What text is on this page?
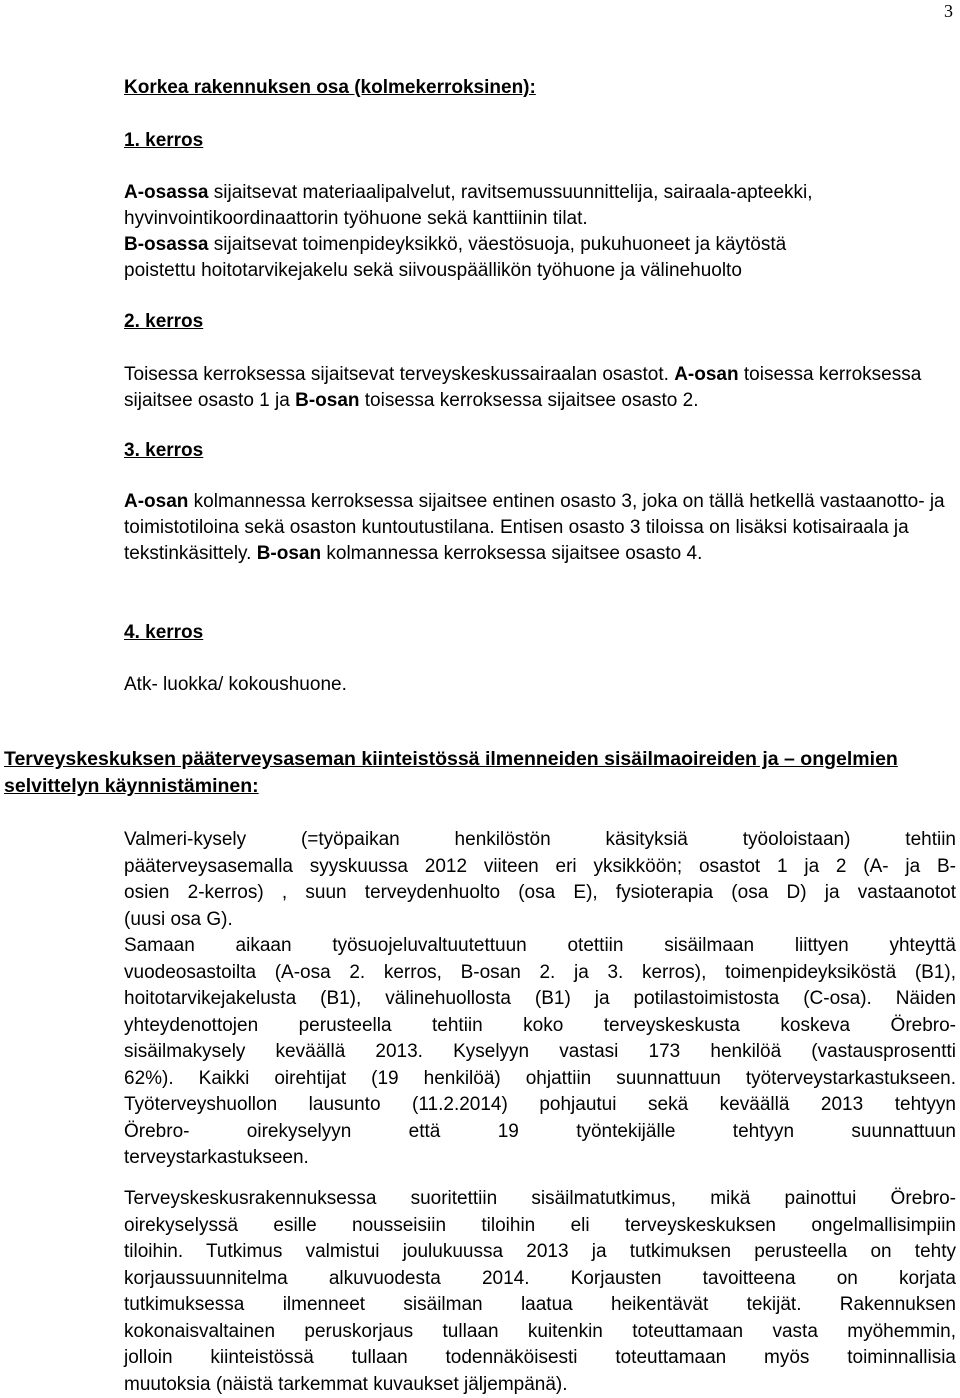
3

Korkea rakennuksen osa (kolmekerroksinen):

1. kerros

A-osassa sijaitsevat materiaalipalvelut, ravitsemussuunnittelija, sairaala-apteekki, hyvinvointikoordinaattorin työhuone sekä kanttiinin tilat.

B-osassa sijaitsevat toimenpideyksikkö, väestösuoja, pukuhuoneet ja käytöstä poistettu hoitotarvikejakelu sekä siivouspäällikön työhuone ja välinehuolto

2. kerros

Toisessa kerroksessa sijaitsevat terveyskeskussairaalan osastot. A-osan toisessa kerroksessa sijaitsee osasto 1 ja B-osan toisessa kerroksessa sijaitsee osasto 2.

3. kerros

A-osan kolmannessa kerroksessa sijaitsee entinen osasto 3, joka on tällä hetkellä vastaanotto- ja toimistotiloina sekä osaston kuntoutustilana. Entisen osasto 3 tiloissa on lisäksi kotisairaala ja tekstinkäsittely. B-osan kolmannessa kerroksessa sijaitsee osasto 4.

4. kerros

Atk- luokka/ kokoushuone.

Terveyskeskuksen pääterveysaseman kiinteistössä ilmenneiden sisäilmaoireiden ja – ongelmien selvittelyn käynnistäminen:

Valmeri-kysely (=työpaikan henkilöstön käsityksiä työoloistaan) tehtiin
pääterveysasemalla syyskuussa 2012 viiteen eri yksikköön; osastot 1 ja 2 (A- ja B-
osien 2-kerros) , suun terveydenhuolto (osa E), fysioterapia (osa D) ja vastaanotot
(uusi osa G).
Samaan aikaan työsuojeluvaltuutettuun otettiin sisäilmaan liittyen yhteyttä
vuodeosastoilta (A-osa 2. kerros, B-osan 2. ja 3. kerros), toimenpideyksiköstä (B1),
hoitotarvikejakelusta (B1), välinehuollosta (B1) ja potilastoimistosta (C-osa). Näiden
yhteydenottojen perusteella tehtiin koko terveyskeskusta koskeva Örebro-
sisäilmakysely keväällä 2013. Kyselyyn vastasi 173 henkilöä (vastausprosentti
62%). Kaikki oirehtijat (19 henkilöä) ohjattiin suunnattuun työterveystarkastukseen.
Työterveyshuollon lausunto (11.2.2014) pohjautui sekä keväällä 2013 tehtyyn
Örebro- oirekyselyyn että 19 työntekijälle tehtyyn suunnattuun
terveystarkastukseen.
Terveyskeskusrakennuksessa suoritettiin sisäilmatutkimus, mikä painottui Örebro-
oirekyselyssä esille nousseisiin tiloihin eli terveyskeskuksen ongelmallisimpiin
tiloihin. Tutkimus valmistui joulukuussa 2013 ja tutkimuksen perusteella on tehty
korjaussuunnitelma alkuvuodesta 2014. Korjausten tavoitteena on korjata
tutkimuksessa ilmenneet sisäilman laatua heikentävät tekijät. Rakennuksen
kokonaisvaltainen peruskorjaus tullaan kuitenkin toteuttamaan vasta myöhemmin,
jolloin kiinteistössä tullaan todennäköisesti toteuttamaan myös toiminnallisia
muutoksia (näistä tarkemmat kuvaukset jäljempänä).
